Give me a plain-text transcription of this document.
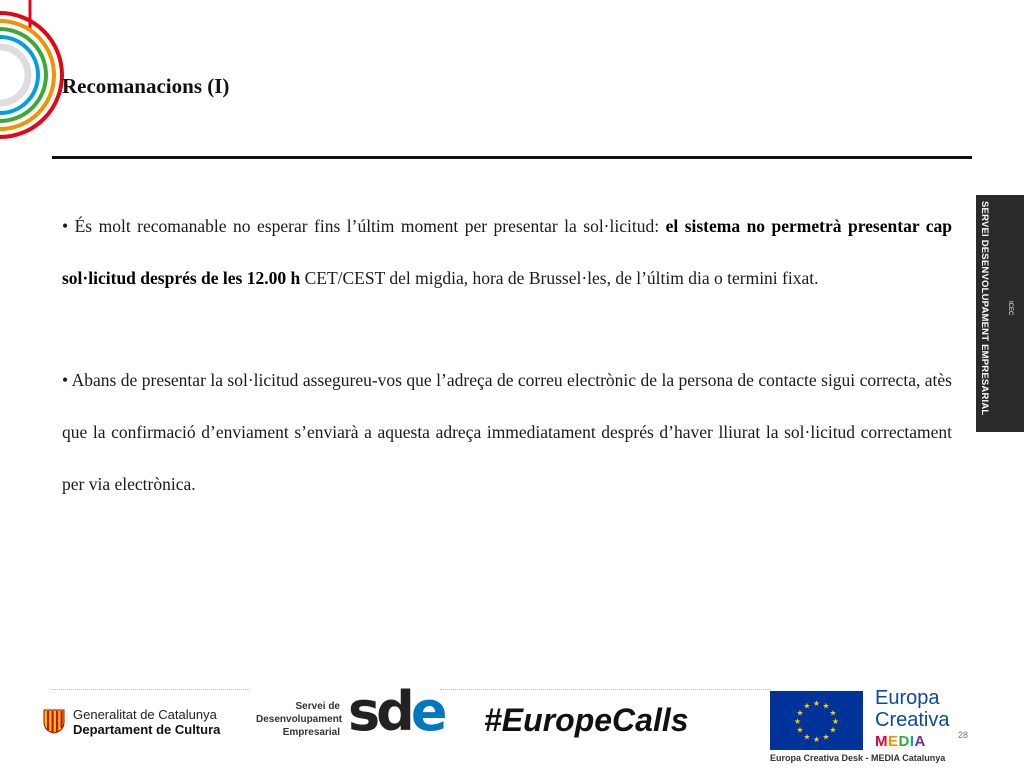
Recomanacions (I)

• És molt recomanable no esperar fins l’últim moment per presentar la sol·licitud: el sistema no permetrà presentar cap sol·licitud després de les 12.00 h CET/CEST del migdia, hora de Brussel·les, de l’últim dia o termini fixat.

• Abans de presentar la sol·licitud assegureu-vos que l’adreça de correu electrònic de la persona de contacte sigui correcta, atès que la confirmació d’enviament s’enviarà a aquesta adreça immediatament després d’haver lliurat la sol·licitud correctament per via electrònica.

SERVEI DESENVOLUPAMENT EMPRESARIAL	ICEC
Generalitat de Catalunya
Departament de Cultura
Servei de
Desenvolupament
Empresarial sde #EuropeCalls	★ ★
★
★
★
★
★
★
★
★
★
★	Europa
Creativa
MEDIA	28
Europa Creativa Desk - MEDIA Catalunya
